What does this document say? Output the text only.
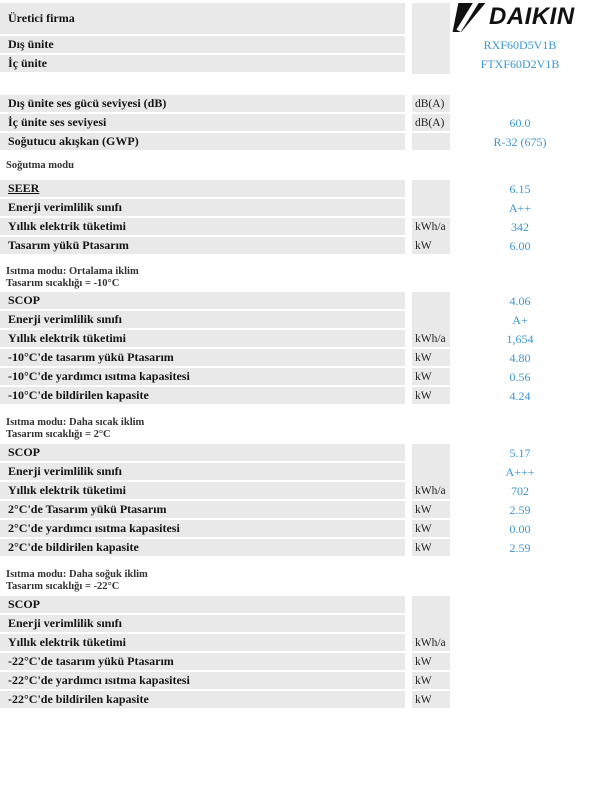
Üretici firma
Dış ünite	RXF60D5V1B
İç ünite	FTXF60D2V1B
Dış ünite ses gücü seviyesi (dB)	dB(A)
İç ünite ses seviyesi	dB(A)	60.0
Soğutucu akışkan (GWP)	R-32 (675)
Soğutma modu
SEER	6.15
Enerji verimlilik sınıfı	A++
Yıllık elektrik tüketimi	kWh/a	342
Tasarım yükü Ptasarım	kW	6.00
Isıtma modu: Ortalama iklim
Tasarım sıcaklığı = -10°C
SCOP	4.06
Enerji verimlilik sınıfı	A+
Yıllık elektrik tüketimi	kWh/a	1,654
-10°C'de tasarım yükü Ptasarım	kW	4.80
-10°C'de yardımcı ısıtma kapasitesi	kW	0.56
-10°C'de bildirilen kapasite	kW	4.24
Isıtma modu: Daha sıcak iklim
Tasarım sıcaklığı = 2°C
SCOP	5.17
Enerji verimlilik sınıfı	A+++
Yıllık elektrik tüketimi	kWh/a	702
2°C'de Tasarım yükü Ptasarım	kW	2.59
2°C'de yardımcı ısıtma kapasitesi	kW	0.00
2°C'de bildirilen kapasite	kW	2.59
Isıtma modu: Daha soğuk iklim
Tasarım sıcaklığı = -22°C
SCOP
Enerji verimlilik sınıfı
Yıllık elektrik tüketimi	kWh/a
-22°C'de tasarım yükü Ptasarım	kW
-22°C'de yardımcı ısıtma kapasitesi	kW
-22°C'de bildirilen kapasite	kW
DAIKIN
